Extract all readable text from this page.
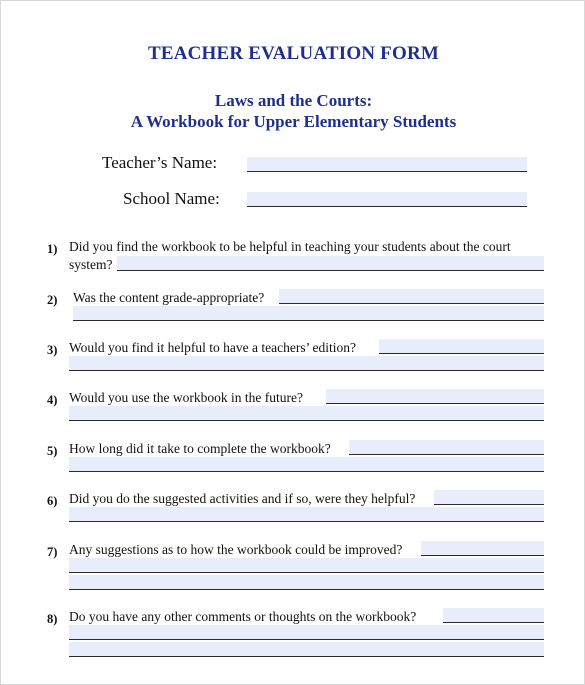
TEACHER EVALUATION FORM
Laws and the Courts:
A Workbook for Upper Elementary Students
Teacher’s Name:
School Name:
1) Did you find the workbook to be helpful in teaching your students about the court
system?
2) Was the content grade-appropriate?
3) Would you find it helpful to have a teachers’ edition?
4) Would you use the workbook in the future?
5) How long did it take to complete the workbook?
6) Did you do the suggested activities and if so, were they helpful?
7) Any suggestions as to how the workbook could be improved?
8) Do you have any other comments or thoughts on the workbook?
